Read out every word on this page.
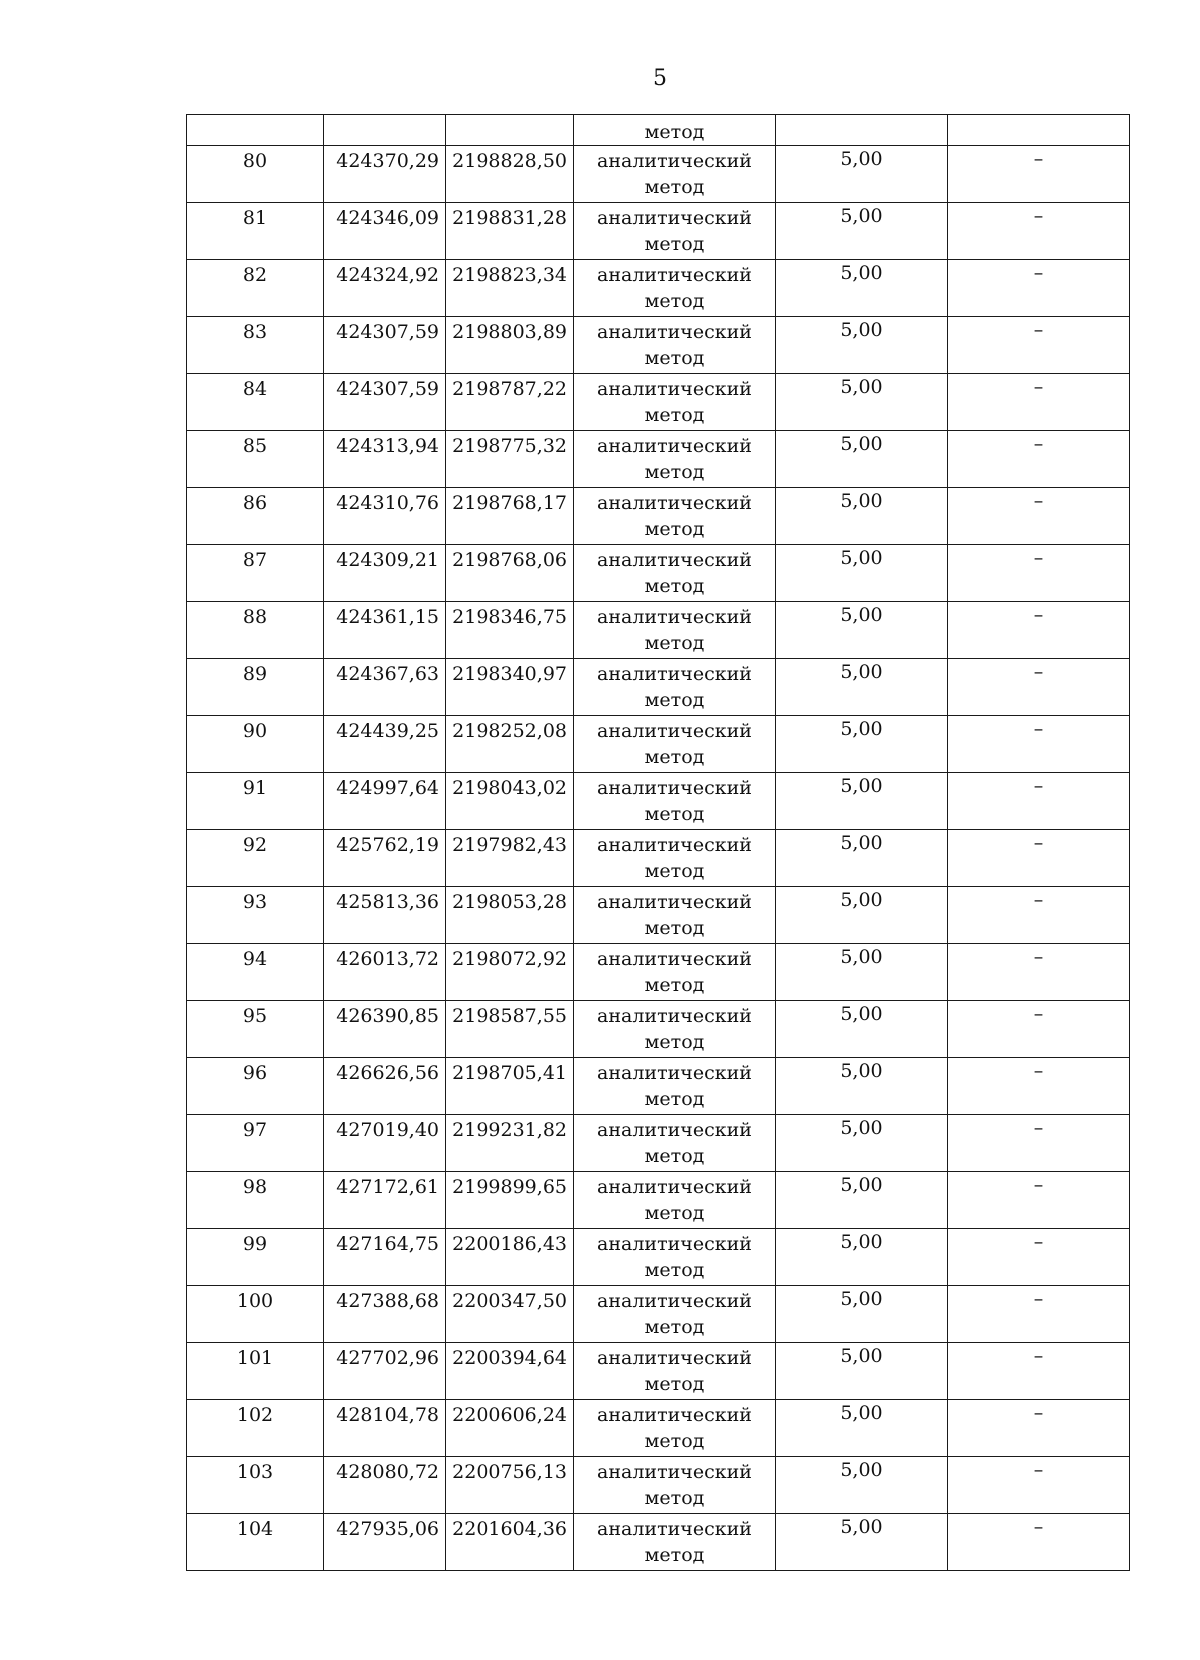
5

			метод		

80	424370,29	2198828,50	аналитический
метод	5,00	–
81	424346,09	2198831,28	аналитический
метод	5,00	–
82	424324,92	2198823,34	аналитический
метод	5,00	–
83	424307,59	2198803,89	аналитический
метод	5,00	–
84	424307,59	2198787,22	аналитический
метод	5,00	–
85	424313,94	2198775,32	аналитический
метод	5,00	–
86	424310,76	2198768,17	аналитический
метод	5,00	–
87	424309,21	2198768,06	аналитический
метод	5,00	–
88	424361,15	2198346,75	аналитический
метод	5,00	–
89	424367,63	2198340,97	аналитический
метод	5,00	–
90	424439,25	2198252,08	аналитический
метод	5,00	–
91	424997,64	2198043,02	аналитический
метод	5,00	–
92	425762,19	2197982,43	аналитический
метод	5,00	–
93	425813,36	2198053,28	аналитический
метод	5,00	–
94	426013,72	2198072,92	аналитический
метод	5,00	–
95	426390,85	2198587,55	аналитический
метод	5,00	–
96	426626,56	2198705,41	аналитический
метод	5,00	–
97	427019,40	2199231,82	аналитический
метод	5,00	–
98	427172,61	2199899,65	аналитический
метод	5,00	–
99	427164,75	2200186,43	аналитический
метод	5,00	–
100	427388,68	2200347,50	аналитический
метод	5,00	–
101	427702,96	2200394,64	аналитический
метод	5,00	–
102	428104,78	2200606,24	аналитический
метод	5,00	–
103	428080,72	2200756,13	аналитический
метод	5,00	–
104	427935,06	2201604,36	аналитический
метод	5,00	–
